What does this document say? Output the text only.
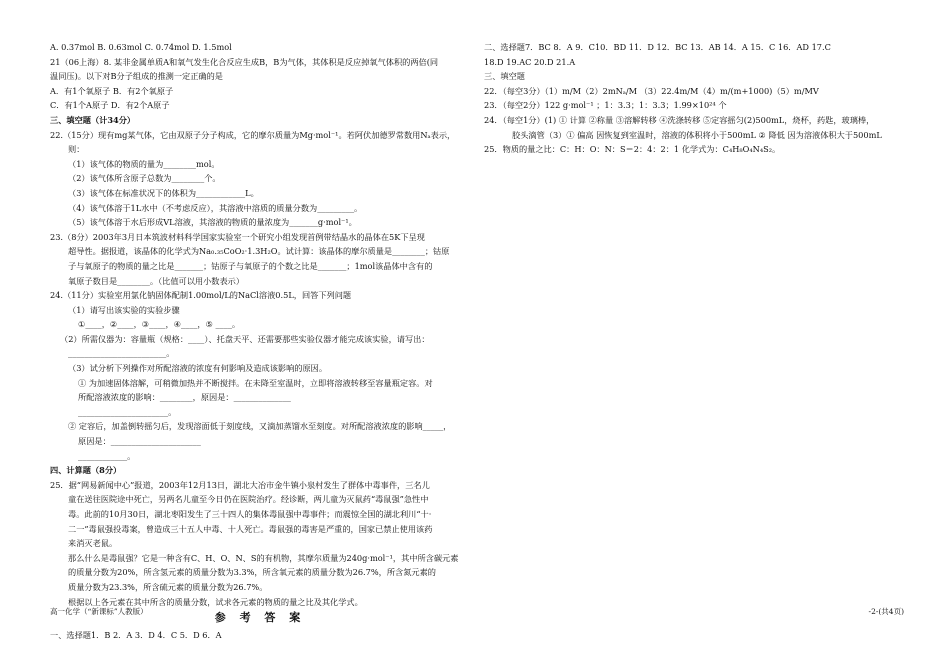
A. 0.37mol B. 0.63mol C. 0.74mol D. 1.5mol

21（06上海）8. 某非金属单质A和氧气发生化合反应生成B，B为气体，其体积是反应掉氧气体积的两倍(同

温同压)。以下对B分子组成的推测一定正确的是

A．有1个氧原子 B．有2个氧原子

C．有1个A原子 D．有2个A原子

三、填空题（计34分）

22.（15分）现有mg某气体，它由双原子分子构成，它的摩尔质量为Mg·mol⁻¹。若阿伏加德罗常数用Nₐ表示，

则：

（1）该气体的物质的量为________mol。

（2）该气体所含原子总数为________个。

（3）该气体在标准状况下的体积为____________L。

（4）该气体溶于1L水中（不考虑反应），其溶液中溶质的质量分数为_________。

（5）该气体溶于水后形成VL溶液，其溶液的物质的量浓度为_______g·mol⁻¹。

23.（8分）2003年3月日本筑波材料科学国家实验室一个研究小组发现首例带结晶水的晶体在5K下呈现

超导性。据报道，该晶体的化学式为Na₀.₃₅CoO₂·1.3H₂O。试计算：该晶体的摩尔质量是________；钴原

子与氧原子的物质的量之比是_______；钴原子与氧原子的个数之比是_______；1mol该晶体中含有的

氧原子数目是________。（比值可以用小数表示）

24.（11分）实验室用氯化钠固体配制1.00mol/L的NaCl溶液0.5L，回答下列问题

（1）请写出该实验的实验步骤

①____，②____，③____，④____，⑤ ____。

（2）所需仪器为：容量瓶（规格：____）、托盘天平、还需要那些实验仪器才能完成该实验，请写出：

________________________。

（3）试分析下列操作对所配溶液的浓度有何影响及造成该影响的原因。

① 为加速固体溶解，可稍微加热并不断搅拌。在未降至室温时，立即将溶液转移至容量瓶定容。对

所配溶液浓度的影响：________，原因是：______________

______________________。

② 定容后，加盖倒转摇匀后，发现溶面低于刻度线，又滴加蒸馏水至刻度。对所配溶液浓度的影响_____，

原因是：______________________

____________。

四、计算题（8分）

25．据“网易新闻中心”报道，2003年12月13日，湖北大冶市金牛镇小泉村发生了群体中毒事件，三名儿

童在送往医院途中死亡，另两名儿童至今日仍在医院治疗。经诊断，两儿童为灭鼠药“毒鼠强”急性中

毒。此前的10月30日，湖北枣阳发生了三十四人的集体毒鼠强中毒事件；而震惊全国的湖北利川“十·

二一”毒鼠强投毒案，曾造成三十五人中毒、十人死亡。毒鼠强的毒害是严重的，国家已禁止使用该药

来消灭老鼠。

那么什么是毒鼠强？它是一种含有C、H、O、N、S的有机物，其摩尔质量为240g·mol⁻¹，其中所含碳元素

的质量分数为20%，所含氢元素的质量分数为3.3%，所含氧元素的质量分数为26.7%，所含氮元素的

质量分数为23.3%，所含硫元素的质量分数为26.7%。

根据以上各元素在其中所含的质量分数，试求各元素的物质的量之比及其化学式。

参 考 答 案

一、选择题1．B 2．A 3．D 4．C 5．D 6．A

二、选择题7．BC 8．A 9．C10．BD 11．D 12．BC 13．AB 14．A 15．C 16．AD 17.C

18.D 19.AC 20.D 21.A

三、填空题

22．（每空3分）（1）m/M（2）2mNₐ/M （3）22.4m/M（4）m/(m+1000)（5）m/MV

23．（每空2分）122 g·mol⁻¹ ；1：3.3；1：3.3；1.99×10²⁴ 个

24．（每空1分）(1) ① 计算 ②称量 ③溶解转移 ④洗涤转移 ⑤定容摇匀(2)500mL，烧杯，药匙，玻璃棒，

胶头滴管（3）① 偏高 因恢复到室温时，溶液的体积将小于500mL ② 降低 因为溶液体积大于500mL

25．物质的量之比：C：H：O：N：S＝2：4：2：1 化学式为：C₄H₈O₄N₄S₂。

高一化学（“新课标”人教版）	-2-(共4页)
